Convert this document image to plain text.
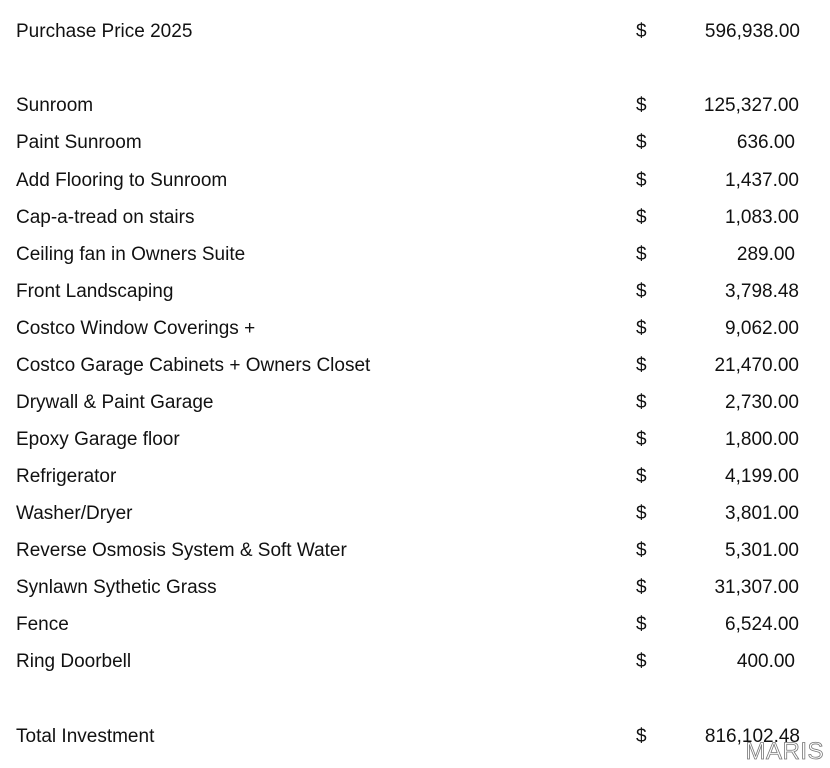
Purchase Price 2025	$	596,938.00
Sunroom	$	125,327.00
Paint Sunroom	$	636.00
Add Flooring to Sunroom	$	1,437.00
Cap-a-tread on stairs	$	1,083.00
Ceiling fan in Owners Suite	$	289.00
Front Landscaping	$	3,798.48
Costco Window Coverings +	$	9,062.00
Costco Garage Cabinets + Owners Closet	$	21,470.00
Drywall & Paint Garage	$	2,730.00
Epoxy Garage floor	$	1,800.00
Refrigerator	$	4,199.00
Washer/Dryer	$	3,801.00
Reverse Osmosis System & Soft Water	$	5,301.00
Synlawn Sythetic Grass	$	31,307.00
Fence	$	6,524.00
Ring Doorbell	$	400.00
Total Investment	$	816,102.48
MARIS
